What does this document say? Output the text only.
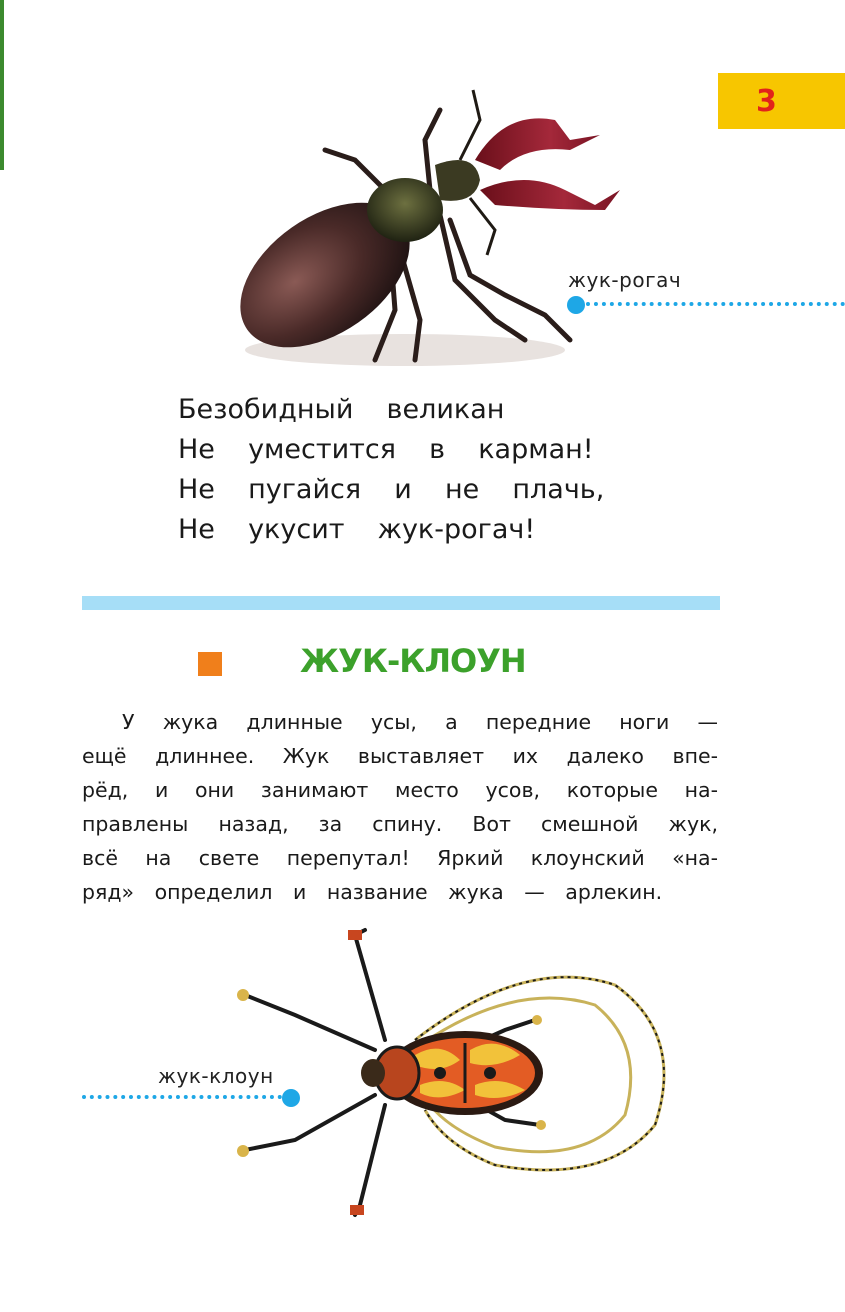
3
жук-рогач
Безобидный  великан
Не  уместится  в  карман!
Не  пугайся  и  не  плачь,
Не  укусит  жук-рогач!
ЖУК-КЛОУН
У жука длинные усы, а передние ноги —
ещё длиннее. Жук выставляет их далеко впе-
рёд, и они занимают место усов, которые на-
правлены назад, за спину. Вот смешной жук,
всё на свете перепутал! Яркий клоунский «на-
ряд» определил и название жука — арлекин.
жук-клоун
